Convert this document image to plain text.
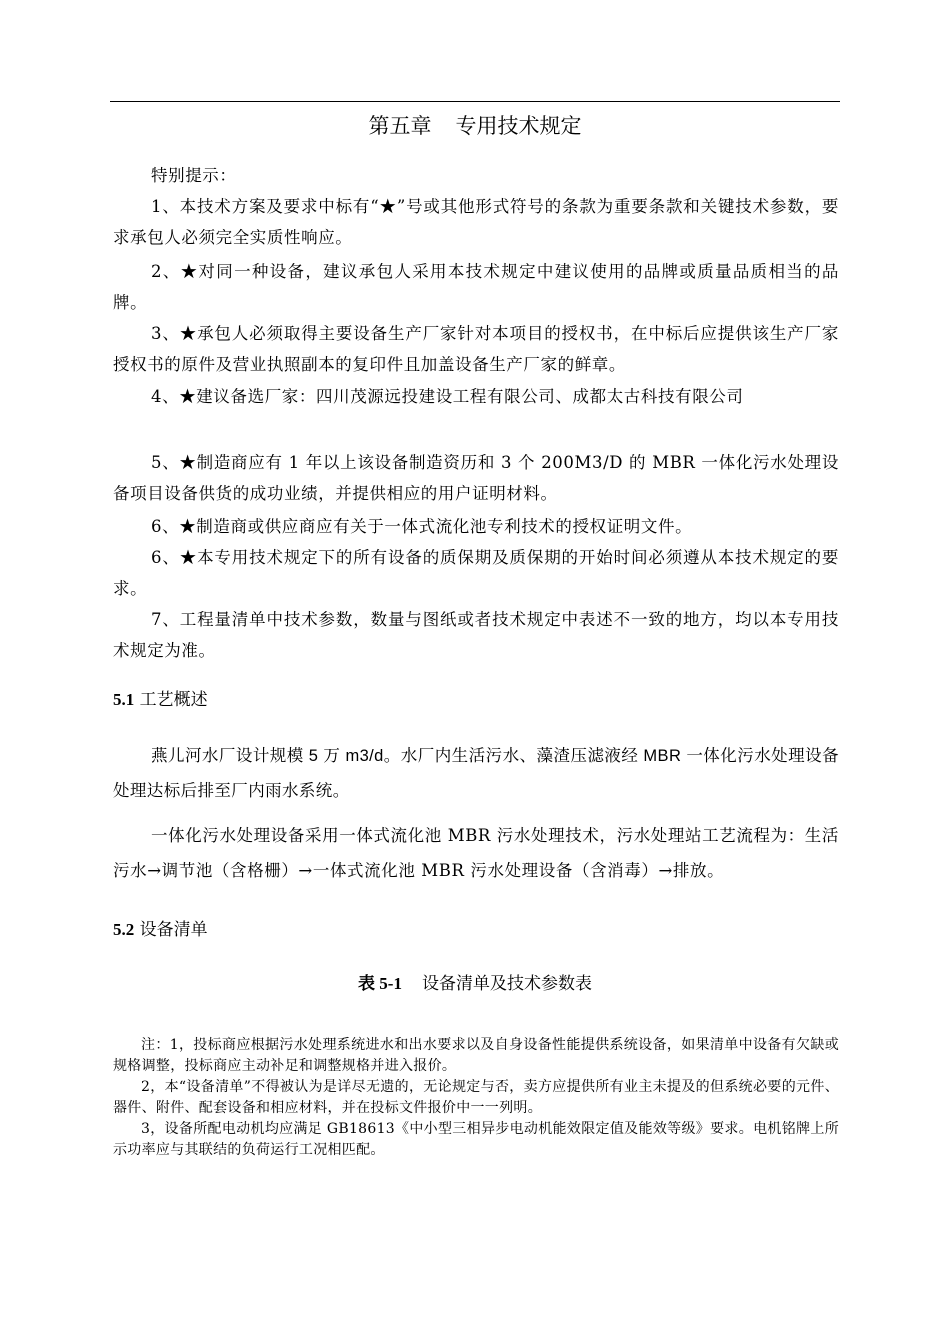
第五章 专用技术规定
特别提示：
1、本技术方案及要求中标有“★”号或其他形式符号的条款为重要条款和关键技术参数，要求承包人必须完全实质性响应。
2、★对同一种设备，建议承包人采用本技术规定中建议使用的品牌或质量品质相当的品牌。
3、★承包人必须取得主要设备生产厂家针对本项目的授权书，在中标后应提供该生产厂家授权书的原件及营业执照副本的复印件且加盖设备生产厂家的鲜章。
4、★建议备选厂家：四川茂源远投建设工程有限公司、成都太古科技有限公司
5、★制造商应有 1 年以上该设备制造资历和 3 个 200M3/D 的 MBR 一体化污水处理设备项目设备供货的成功业绩，并提供相应的用户证明材料。
6、★制造商或供应商应有关于一体式流化池专利技术的授权证明文件。
6、★本专用技术规定下的所有设备的质保期及质保期的开始时间必须遵从本技术规定的要求。
7、工程量清单中技术参数，数量与图纸或者技术规定中表述不一致的地方，均以本专用技术规定为准。
5.1 工艺概述
燕儿河水厂设计规模 5 万 m3/d。水厂内生活污水、藻渣压滤液经 MBR 一体化污水处理设备处理达标后排至厂内雨水系统。
一体化污水处理设备采用一体式流化池 MBR 污水处理技术，污水处理站工艺流程为：生活污水→调节池（含格栅）→一体式流化池 MBR 污水处理设备（含消毒）→排放。
5.2 设备清单
表 5-1 设备清单及技术参数表
注：1，投标商应根据污水处理系统进水和出水要求以及自身设备性能提供系统设备，如果清单中设备有欠缺或规格调整，投标商应主动补足和调整规格并进入报价。
2，本“设备清单”不得被认为是详尽无遗的，无论规定与否，卖方应提供所有业主未提及的但系统必要的元件、器件、附件、配套设备和相应材料，并在投标文件报价中一一列明。
3，设备所配电动机均应满足 GB18613《中小型三相异步电动机能效限定值及能效等级》要求。电机铭牌上所示功率应与其联结的负荷运行工况相匹配。
